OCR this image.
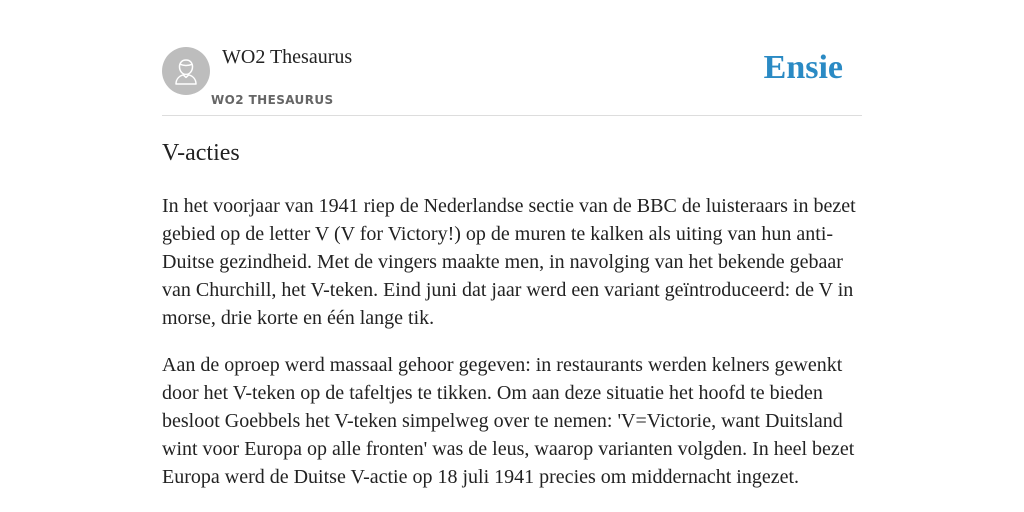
WO2 Thesaurus
WO2 THESAURUS
Ensie
V-acties

In het voorjaar van 1941 riep de Nederlandse sectie van de BBC de luisteraars in bezet gebied op de letter V (V for Victory!) op de muren te kalken als uiting van hun anti-Duitse gezindheid. Met de vingers maakte men, in navolging van het bekende gebaar van Churchill, het V-teken. Eind juni dat jaar werd een variant geïntroduceerd: de V in morse, drie korte en één lange tik.

Aan de oproep werd massaal gehoor gegeven: in restaurants werden kelners gewenkt door het V-teken op de tafeltjes te tikken. Om aan deze situatie het hoofd te bieden besloot Goebbels het V-teken simpelweg over te nemen: 'V=Victorie, want Duitsland wint voor Europa op alle fronten' was de leus, waarop varianten volgden. In heel bezet Europa werd de Duitse V-actie op 18 juli 1941 precies om middernacht ingezet.
